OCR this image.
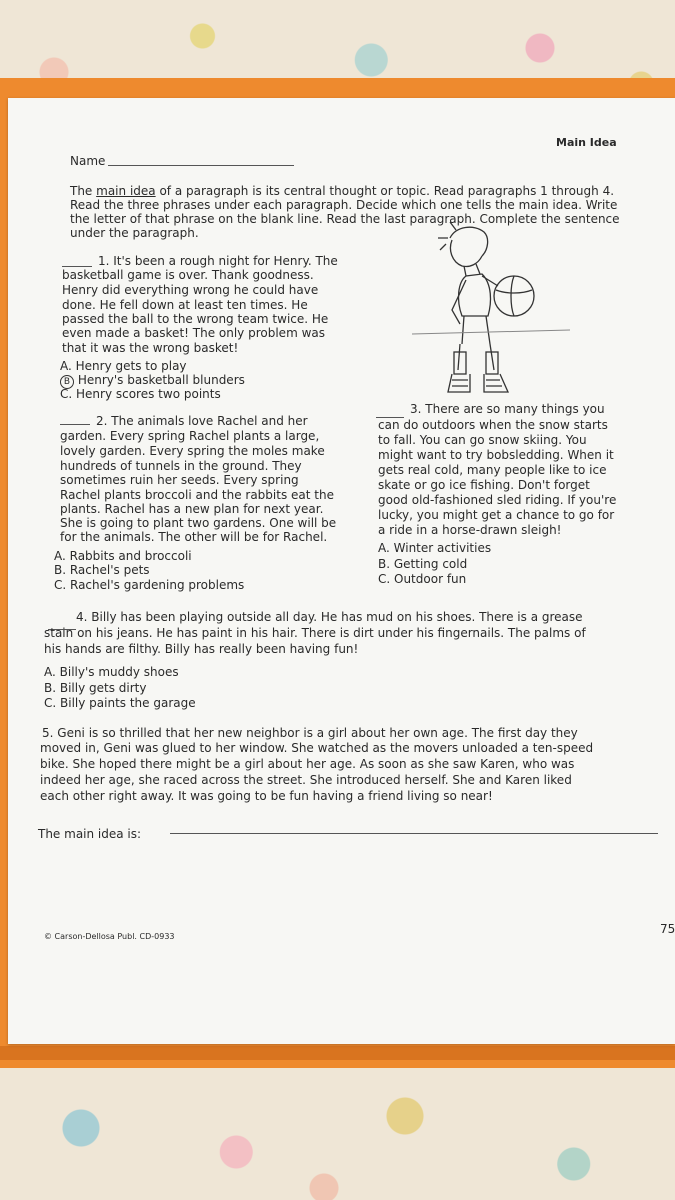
Main Idea
Name
The main idea of a paragraph is its central thought or topic. Read paragraphs 1 through 4.
Read the three phrases under each paragraph. Decide which one tells the main idea. Write
the letter of that phrase on the blank line. Read the last paragraph. Complete the sentence
under the paragraph.
1. It's been a rough night for Henry. The
basketball game is over. Thank goodness.
Henry did everything wrong he could have
done. He fell down at least ten times. He
passed the ball to the wrong team twice. He
even made a basket! The only problem was
that it was the wrong basket!
A. Henry gets to play
B Henry's basketball blunders
C. Henry scores two points
2. The animals love Rachel and her
garden. Every spring Rachel plants a large,
lovely garden. Every spring the moles make
hundreds of tunnels in the ground. They
sometimes ruin her seeds. Every spring
Rachel plants broccoli and the rabbits eat the
plants. Rachel has a new plan for next year.
She is going to plant two gardens. One will be
for the animals. The other will be for Rachel.
A. Rabbits and broccoli
B. Rachel's pets
C. Rachel's gardening problems
3. There are so many things you
can do outdoors when the snow starts
to fall. You can go snow skiing. You
might want to try bobsledding. When it
gets real cold, many people like to ice
skate or go ice fishing. Don't forget
good old-fashioned sled riding. If you're
lucky, you might get a chance to go for
a ride in a horse-drawn sleigh!
A. Winter activities
B. Getting cold
C. Outdoor fun
4. Billy has been playing outside all day. He has mud on his shoes. There is a grease
stain on his jeans. He has paint in his hair. There is dirt under his fingernails. The palms of
his hands are filthy. Billy has really been having fun!
A. Billy's muddy shoes
B. Billy gets dirty
C. Billy paints the garage
5. Geni is so thrilled that her new neighbor is a girl about her own age. The first day they
moved in, Geni was glued to her window. She watched as the movers unloaded a ten-speed
bike. She hoped there might be a girl about her age. As soon as she saw Karen, who was
indeed her age, she raced across the street. She introduced herself. She and Karen liked
each other right away. It was going to be fun having a friend living so near!
The main idea is:
© Carson-Dellosa Publ. CD-0933
75
